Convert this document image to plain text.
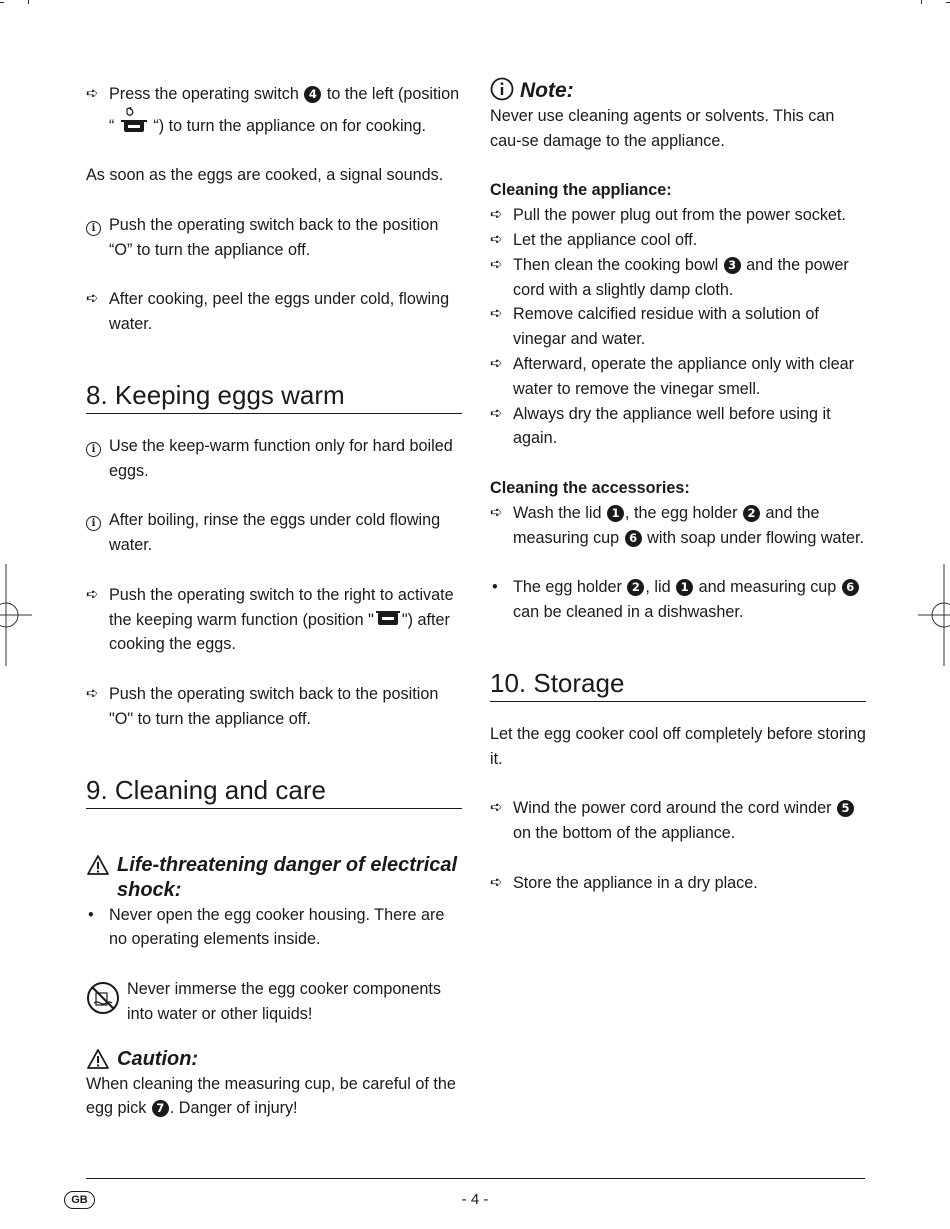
➪ Press the operating switch 4 to the left (position
“ “) to turn the appliance on for cooking.

As soon as the eggs are cooked, a signal sounds.

i Push the operating switch back to the position “O” to turn the appliance off.
➪ After cooking, peel the eggs under cold, flowing water.
8. Keeping eggs warm
i Use the keep-warm function only for hard boiled eggs.
i After boiling, rinse the eggs under cold flowing water.
➪ Push the operating switch to the right to activate the keeping warm function (position " ") after cooking the eggs.
➪ Push the operating switch back to the position "O" to turn the appliance off.
9. Cleaning and care
Life-threatening danger of electrical shock:
• Never open the egg cooker housing. There are no operating elements inside.
Never immerse the egg cooker components into water or other liquids!
Caution:

When cleaning the measuring cup, be careful of the egg pick 7 . Danger of injury!

Note:

Never use cleaning agents or solvents. This can cau-se damage to the appliance.

Cleaning the appliance:
➪ Pull the power plug out from the power socket.
➪ Let the appliance cool off.
➪ Then clean the cooking bowl 3 and the power cord with a slightly damp cloth.
➪ Remove calcified residue with a solution of vinegar and water.
➪ Afterward, operate the appliance only with clear water to remove the vinegar smell.
➪ Always dry the appliance well before using it again.
Cleaning the accessories:
➪ Wash the lid 1 , the egg holder 2 and the measuring cup 6 with soap under flowing water.
• The egg holder 2 , lid 1 and measuring cup 6 can be cleaned in a dishwasher.
10. Storage

Let the egg cooker cool off completely before storing it.

➪ Wind the power cord around the cord winder 5 on the bottom of the appliance.
➪ Store the appliance in a dry place.
GB	- 4 -
